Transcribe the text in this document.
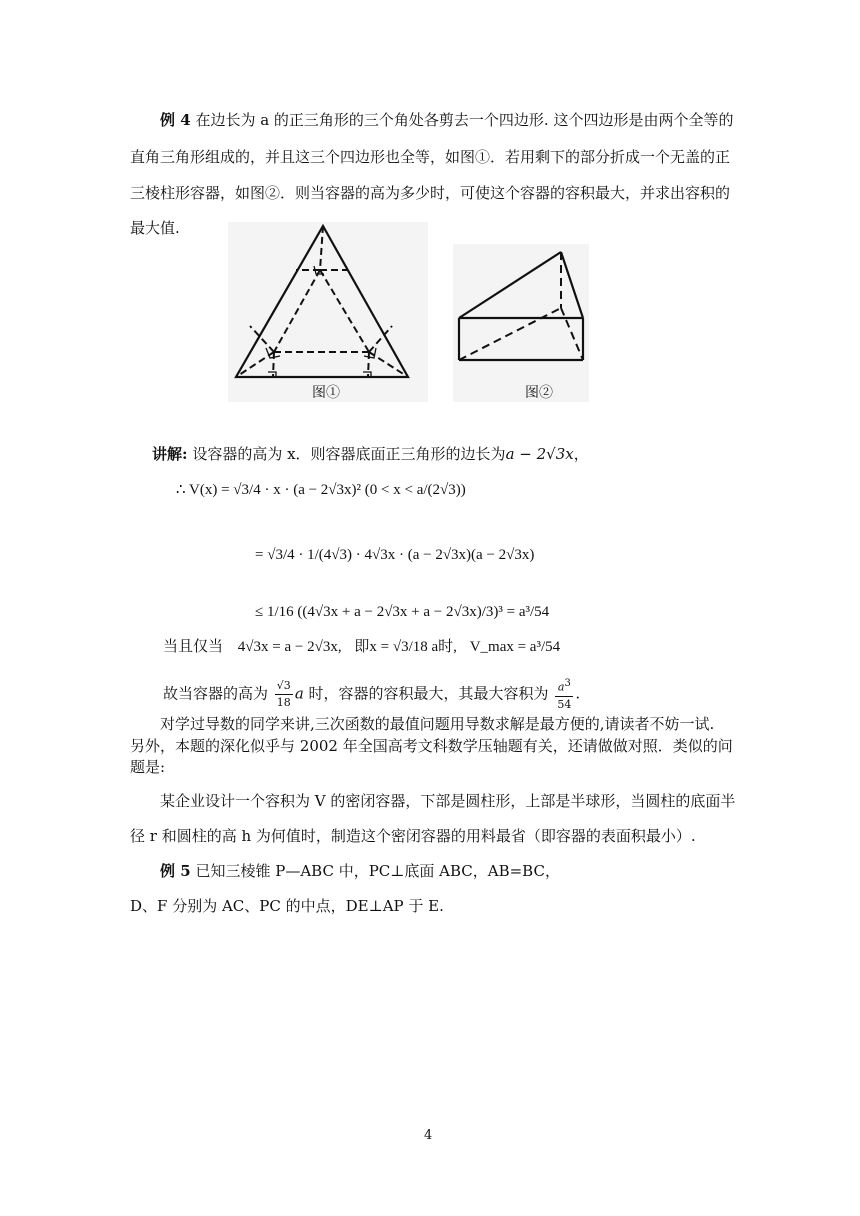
例 4 在边长为 a 的正三角形的三个角处各剪去一个四边形. 这个四边形是由两个全等的
直角三角形组成的，并且这三个四边形也全等，如图①．若用剩下的部分折成一个无盖的正
三棱柱形容器，如图②．则当容器的高为多少时，可使这个容器的容积最大，并求出容积的
最大值.
图①	图②
讲解: 设容器的高为 x．则容器底面正三角形的边长为a − 2√3x，
∴ V(x) = √3/4 · x · (a − 2√3x)² (0 < x < a/(2√3))
= √3/4 · 1/(4√3) · 4√3x · (a − 2√3x)(a − 2√3x)
≤ 1/16 ((4√3x + a − 2√3x + a − 2√3x)/3)³ = a³/54
当且仅当 4√3x = a − 2√3x, 即x = √3/18 a时, V_max = a³/54
故当容器的高为 $\frac{√3}{18}$ a 时，容器的容积最大，其最大容积为 $\frac{a3}{54}$ .
对学过导数的同学来讲,三次函数的最值问题用导数求解是最方便的,请读者不妨一试.
另外，本题的深化似乎与 2002 年全国高考文科数学压轴题有关，还请做做对照．类似的问
题是:
某企业设计一个容积为 V 的密闭容器，下部是圆柱形，上部是半球形，当圆柱的底面半
径 r 和圆柱的高 h 为何值时，制造这个密闭容器的用料最省（即容器的表面积最小）.
例 5 已知三棱锥 P—ABC 中，PC⊥底面 ABC，AB=BC，
D、F 分别为 AC、PC 的中点，DE⊥AP 于 E.
4
